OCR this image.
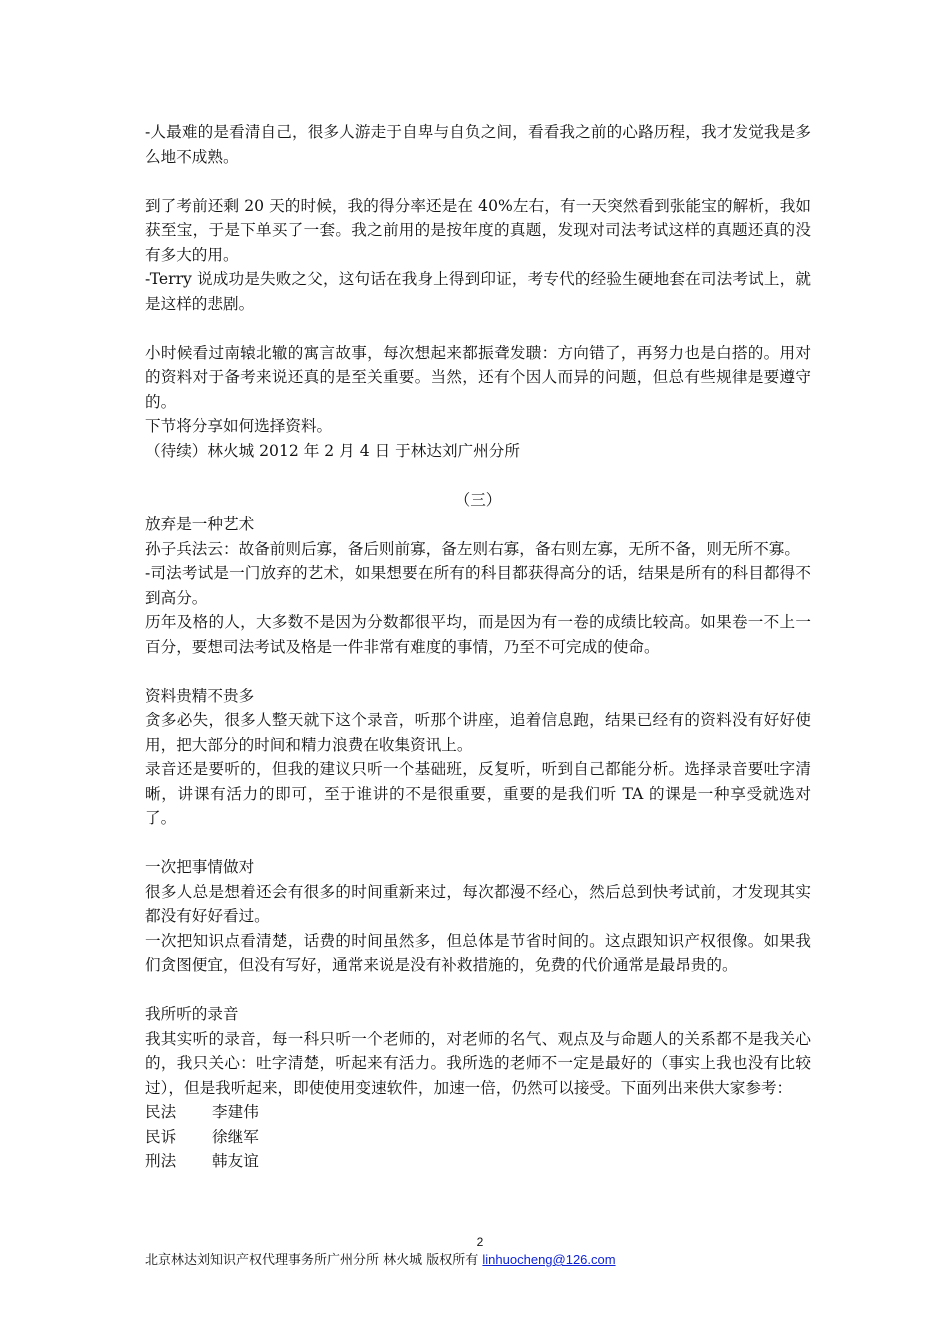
-人最难的是看清自己，很多人游走于自卑与自负之间，看看我之前的心路历程，我才发觉我是多么地不成熟。

到了考前还剩 20 天的时候，我的得分率还是在 40%左右，有一天突然看到张能宝的解析，我如获至宝，于是下单买了一套。我之前用的是按年度的真题，发现对司法考试这样的真题还真的没有多大的用。

-Terry 说成功是失败之父，这句话在我身上得到印证，考专代的经验生硬地套在司法考试上，就是这样的悲剧。

小时候看过南辕北辙的寓言故事，每次想起来都振聋发聩：方向错了，再努力也是白搭的。用对的资料对于备考来说还真的是至关重要。当然，还有个因人而异的问题，但总有些规律是要遵守的。

下节将分享如何选择资料。

（待续）林火城 2012 年 2 月 4 日 于林达刘广州分所

（三）

放弃是一种艺术

孙子兵法云：故备前则后寡，备后则前寡，备左则右寡，备右则左寡，无所不备，则无所不寡。

-司法考试是一门放弃的艺术，如果想要在所有的科目都获得高分的话，结果是所有的科目都得不到高分。

历年及格的人，大多数不是因为分数都很平均，而是因为有一卷的成绩比较高。如果卷一不上一百分，要想司法考试及格是一件非常有难度的事情，乃至不可完成的使命。

资料贵精不贵多

贪多必失，很多人整天就下这个录音，听那个讲座，追着信息跑，结果已经有的资料没有好好使用，把大部分的时间和精力浪费在收集资讯上。

录音还是要听的，但我的建议只听一个基础班，反复听，听到自己都能分析。选择录音要吐字清晰，讲课有活力的即可，至于谁讲的不是很重要，重要的是我们听 TA 的课是一种享受就选对了。

一次把事情做对

很多人总是想着还会有很多的时间重新来过，每次都漫不经心，然后总到快考试前，才发现其实都没有好好看过。

一次把知识点看清楚，话费的时间虽然多，但总体是节省时间的。这点跟知识产权很像。如果我们贪图便宜，但没有写好，通常来说是没有补救措施的，免费的代价通常是最昂贵的。

我所听的录音

我其实听的录音，每一科只听一个老师的，对老师的名气、观点及与命题人的关系都不是我关心的，我只关心：吐字清楚，听起来有活力。我所选的老师不一定是最好的（事实上我也没有比较过），但是我听起来，即使使用变速软件，加速一倍，仍然可以接受。下面列出来供大家参考：

民法	李建伟
民诉	徐继军
刑法	韩友谊
2
北京林达刘知识产权代理事务所广州分所 林火城 版权所有 linhuocheng@126.com
